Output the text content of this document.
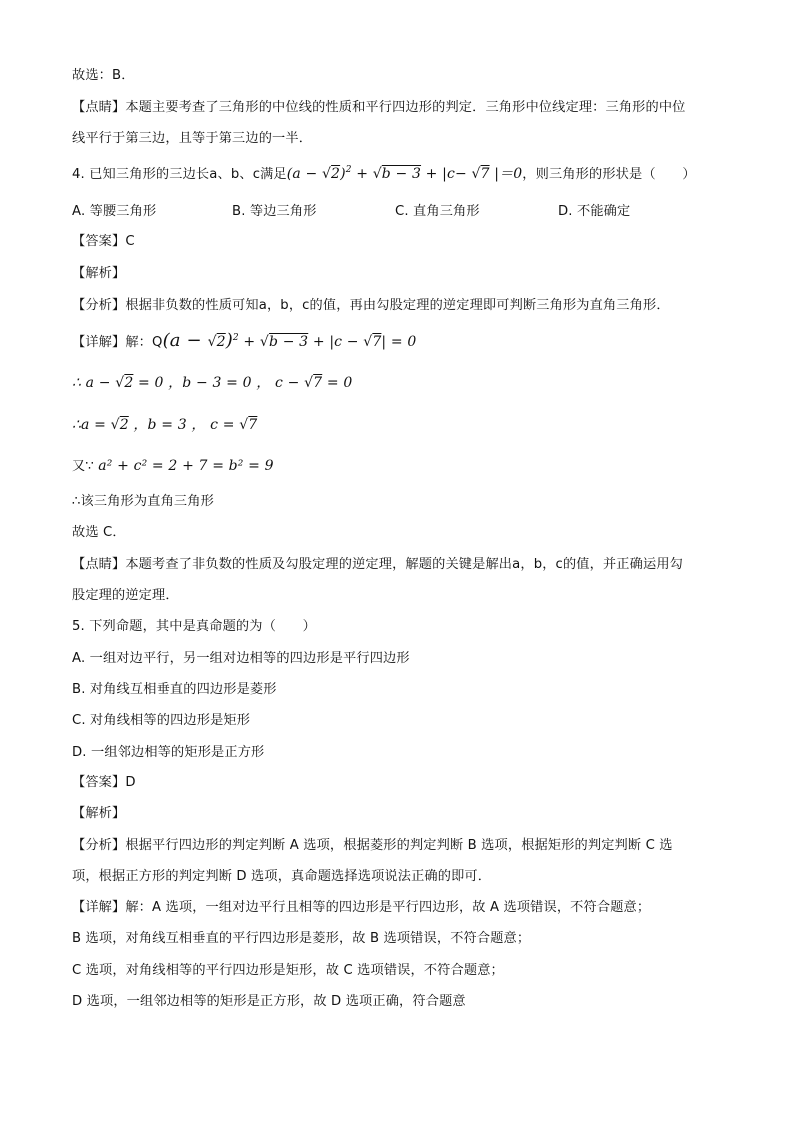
故选：B．
【点睛】本题主要考查了三角形的中位线的性质和平行四边形的判定．三角形中位线定理：三角形的中位
线平行于第三边，且等于第三边的一半．
4. 已知三角形的三边长a、b、c满足$(a - √2)^2 + √b - 3 + |c- √7$ |＝0，则三角形的形状是（　　）
A. 等腰三角形	B. 等边三角形	C. 直角三角形	D. 不能确定
【答案】C
【解析】
【分析】根据非负数的性质可知a，b，c的值，再由勾股定理的逆定理即可判断三角形为直角三角形．
【详解】解：$Q(a - √2)^2 + √b - 3 + |c - √7| = 0$
∴ a − √2 = 0 ，b − 3 = 0 ， c − √7 = 0
∴a = √2 ，b = 3 ， c = √7
又∵ a² + c² = 2 + 7 = b² = 9
∴该三角形为直角三角形
故选 C．
【点睛】本题考查了非负数的性质及勾股定理的逆定理，解题的关键是解出a，b，c的值，并正确运用勾
股定理的逆定理．
5. 下列命题，其中是真命题的为（　　）
A. 一组对边平行，另一组对边相等的四边形是平行四边形
B. 对角线互相垂直的四边形是菱形
C. 对角线相等的四边形是矩形
D. 一组邻边相等的矩形是正方形
【答案】D
【解析】
【分析】根据平行四边形的判定判断 A 选项，根据菱形的判定判断 B 选项，根据矩形的判定判断 C 选
项，根据正方形的判定判断 D 选项，真命题选择选项说法正确的即可．
【详解】解：A 选项，一组对边平行且相等的四边形是平行四边形，故 A 选项错误，不符合题意；
B 选项，对角线互相垂直的平行四边形是菱形，故 B 选项错误，不符合题意；
C 选项，对角线相等的平行四边形是矩形，故 C 选项错误，不符合题意；
D 选项，一组邻边相等的矩形是正方形，故 D 选项正确，符合题意
